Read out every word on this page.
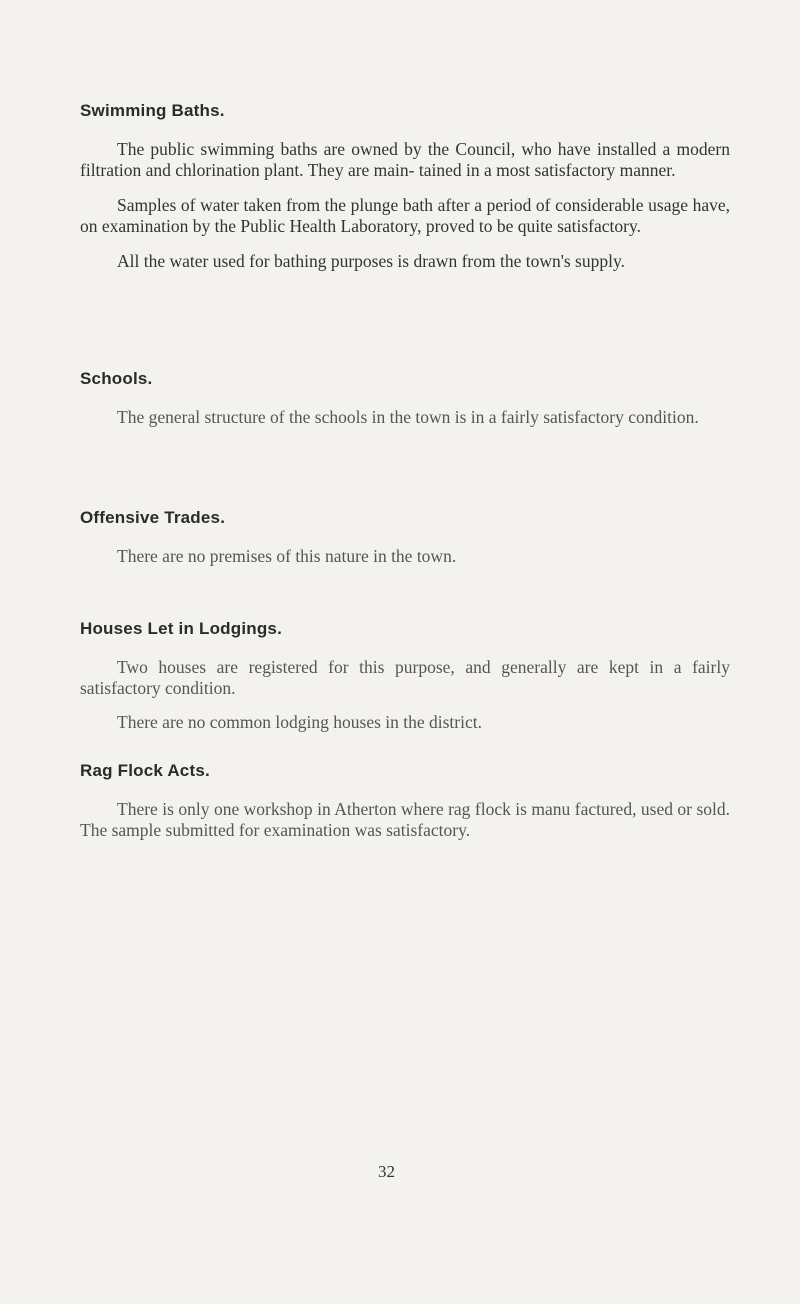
Swimming Baths.

The public swimming baths are owned by the Council, who have installed a modern filtration and chlorination plant. They are main- tained in a most satisfactory manner.

Samples of water taken from the plunge bath after a period of considerable usage have, on examination by the Public Health Laboratory, proved to be quite satisfactory.

All the water used for bathing purposes is drawn from the town's supply.

Schools.

The general structure of the schools in the town is in a fairly satisfactory condition.

Offensive Trades.

There are no premises of this nature in the town.

Houses Let in Lodgings.

Two houses are registered for this purpose, and generally are kept in a fairly satisfactory condition.

There are no common lodging houses in the district.

Rag Flock Acts.

There is only one workshop in Atherton where rag flock is manu factured, used or sold. The sample submitted for examination was satisfactory.

32
